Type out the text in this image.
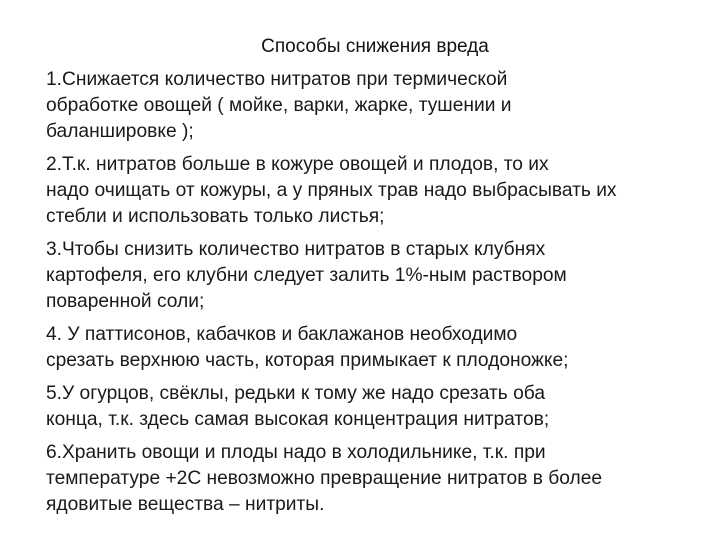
Способы снижения вреда

1.Снижается количество нитратов при термической
обработке овощей ( мойке, варки, жарке, тушении и
баланшировке );

2.Т.к. нитратов больше в кожуре овощей и плодов, то их
надо очищать от кожуры, а у пряных трав надо выбрасывать их
стебли и использовать только листья;

3.Чтобы снизить количество нитратов в старых клубнях
картофеля, его клубни следует залить 1%-ным раствором
поваренной соли;

4. У паттисонов, кабачков и баклажанов необходимо
срезать верхнюю часть, которая примыкает к плодоножке;

5.У огурцов, свёклы, редьки к тому же надо срезать оба
конца, т.к. здесь самая высокая концентрация нитратов;

6.Хранить овощи и плоды надо в холодильнике, т.к. при
температуре +2С невозможно превращение нитратов в более
ядовитые вещества – нитриты.
